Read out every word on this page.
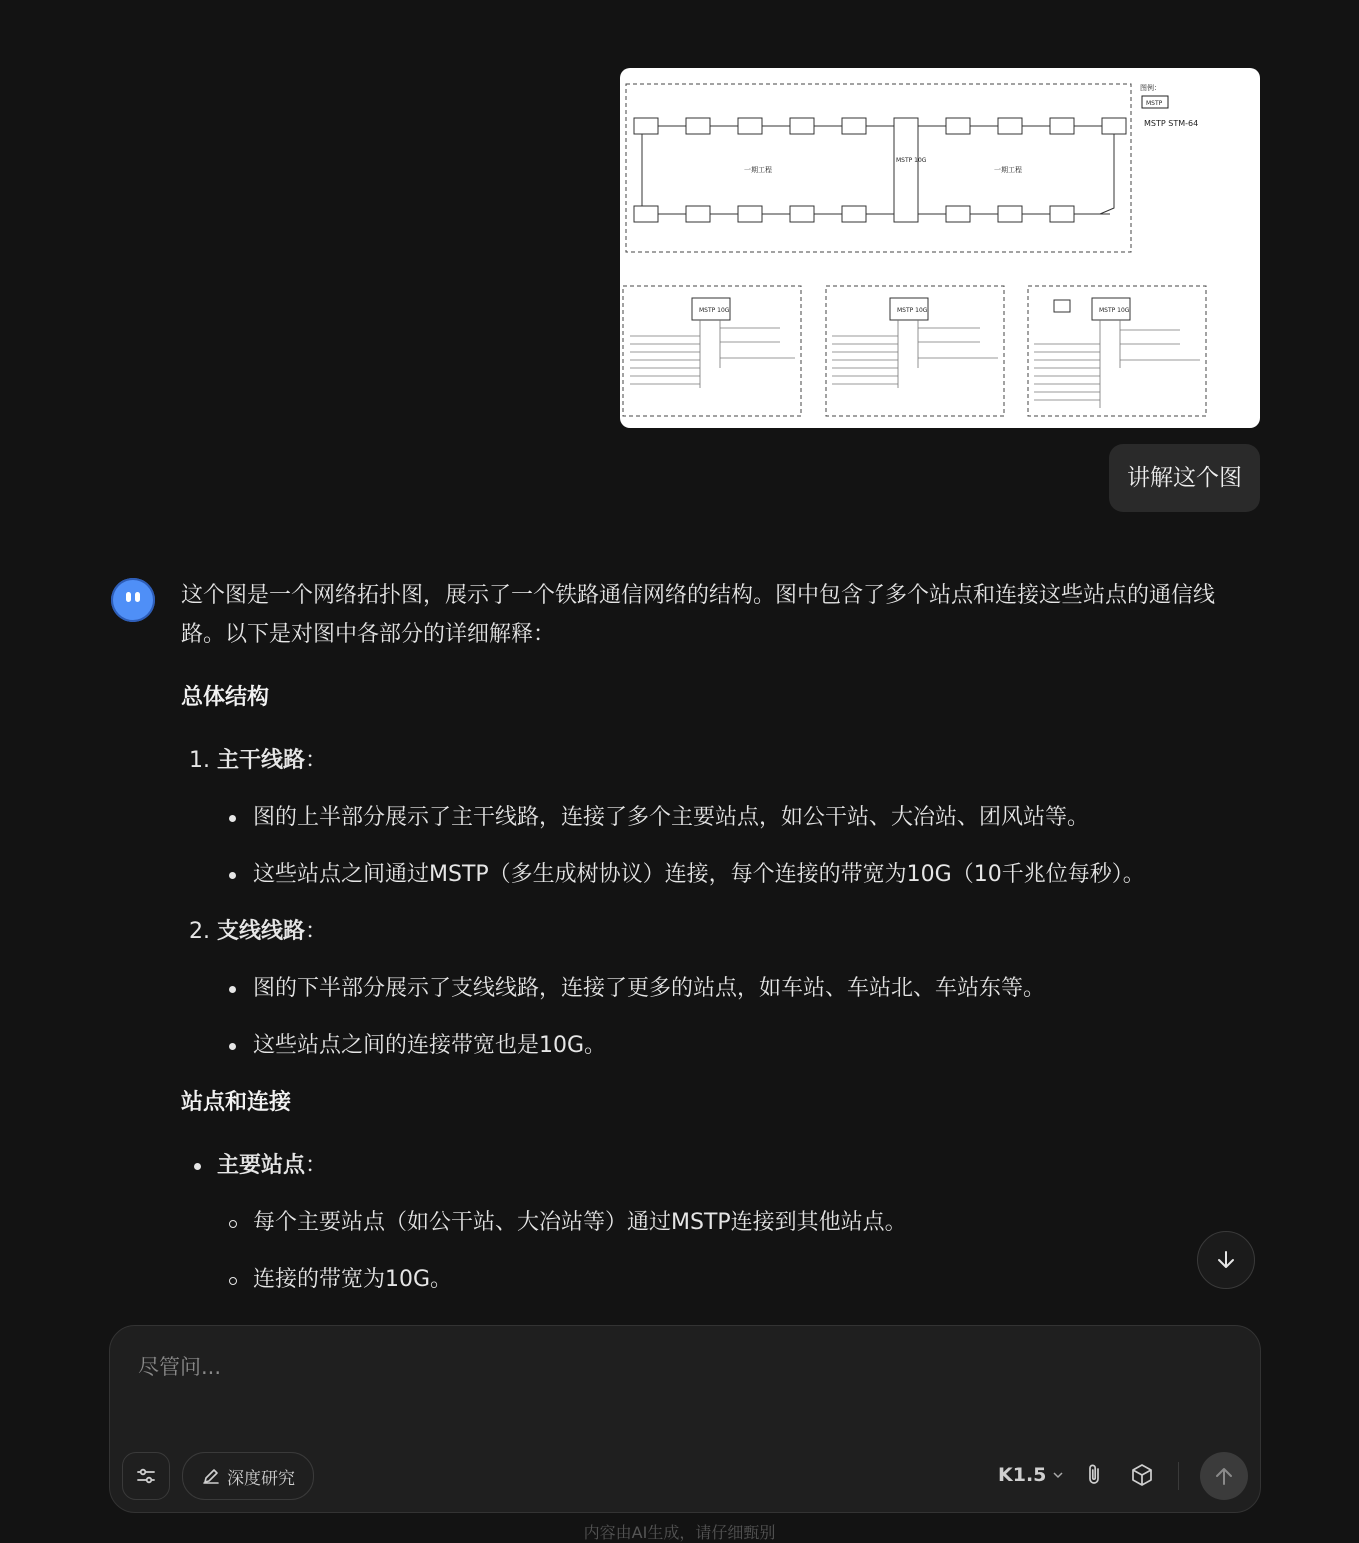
图例：
MSTP
MSTP STM-64
MSTP 10G
一期工程	一期工程
MSTP 10G	MSTP 10G	MSTP 10G
讲解这个图

这个图是一个网络拓扑图，展示了一个铁路通信网络的结构。图中包含了多个站点和连接这些站点的通信线路。以下是对图中各部分的详细解释：

总体结构
1. 主干线路：
图的上半部分展示了主干线路，连接了多个主要站点，如公干站、大冶站、团风站等。
这些站点之间通过MSTP（多生成树协议）连接，每个连接的带宽为10G（10千兆位每秒）。
2. 支线线路：
图的下半部分展示了支线线路，连接了更多的站点，如车站、车站北、车站东等。
这些站点之间的连接带宽也是10G。
站点和连接
主要站点：
每个主要站点（如公干站、大冶站等）通过MSTP连接到其他站点。
连接的带宽为10G。
尽管问...
深度研究	K1.5
内容由AI生成，请仔细甄别
